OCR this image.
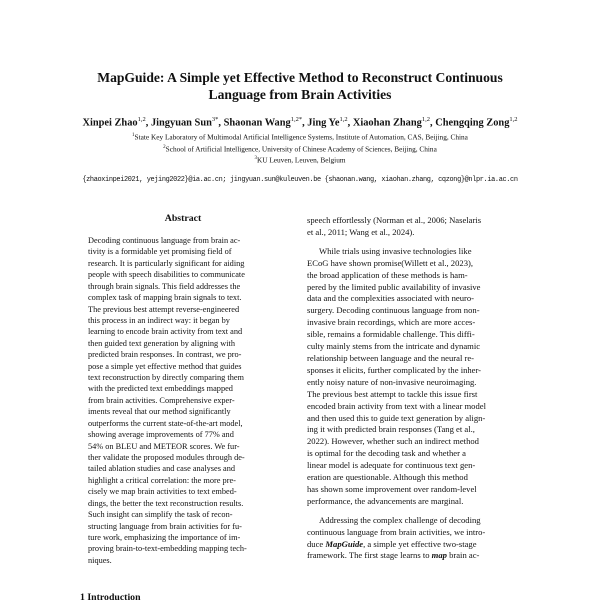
MapGuide: A Simple yet Effective Method to Reconstruct Continuous
Language from Brain Activities
Xinpei Zhao$^{1,2}$, Jingyuan Sun$^{3*}$, Shaonan Wang$^{1,2*}$, Jing Ye$^{1,2}$, Xiaohan Zhang$^{1,2}$, Chengqing Zong$^{1,2}$
$^1$State Key Laboratory of Multimodal Artificial Intelligence Systems, Institute of Automation, CAS, Beijing, China
$^2$School of Artificial Intelligence, University of Chinese Academy of Sciences, Beijing, China
$^3$KU Leuven, Leuven, Belgium
{zhaoxinpei2021, yejing2022}@ia.ac.cn; jingyuan.sun@kuleuven.be {shaonan.wang, xiaohan.zhang, cqzong}@nlpr.ia.ac.cn
Abstract
Decoding continuous language from brain ac-
tivity is a formidable yet promising field of
research. It is particularly significant for aiding
people with speech disabilities to communicate
through brain signals. This field addresses the
complex task of mapping brain signals to text.
The previous best attempt reverse-engineered
this process in an indirect way: it began by
learning to encode brain activity from text and
then guided text generation by aligning with
predicted brain responses. In contrast, we pro-
pose a simple yet effective method that guides
text reconstruction by directly comparing them
with the predicted text embeddings mapped
from brain activities. Comprehensive exper-
iments reveal that our method significantly
outperforms the current state-of-the-art model,
showing average improvements of 77% and
54% on BLEU and METEOR scores. We fur-
ther validate the proposed modules through de-
tailed ablation studies and case analyses and
highlight a critical correlation: the more pre-
cisely we map brain activities to text embed-
dings, the better the text reconstruction results.
Such insight can simplify the task of recon-
structing language from brain activities for fu-
ture work, emphasizing the importance of im-
proving brain-to-text-embedding mapping tech-
niques.
speech effortlessly (Norman et al., 2006; Naselaris
et al., 2011; Wang et al., 2024).
While trials using invasive technologies like
ECoG have shown promise(Willett et al., 2023),
the broad application of these methods is ham-
pered by the limited public availability of invasive
data and the complexities associated with neuro-
surgery. Decoding continuous language from non-
invasive brain recordings, which are more acces-
sible, remains a formidable challenge. This diffi-
culty mainly stems from the intricate and dynamic
relationship between language and the neural re-
sponses it elicits, further complicated by the inher-
ently noisy nature of non-invasive neuroimaging.
The previous best attempt to tackle this issue first
encoded brain activity from text with a linear model
and then used this to guide text generation by align-
ing it with predicted brain responses (Tang et al.,
2022). However, whether such an indirect method
is optimal for the decoding task and whether a
linear model is adequate for continuous text gen-
eration are questionable. Although this method
has shown some improvement over random-level
performance, the advancements are marginal.
Addressing the complex challenge of decoding
continuous language from brain activities, we intro-
duce MapGuide, a simple yet effective two-stage
framework. The first stage learns to map brain ac-
1 Introduction
